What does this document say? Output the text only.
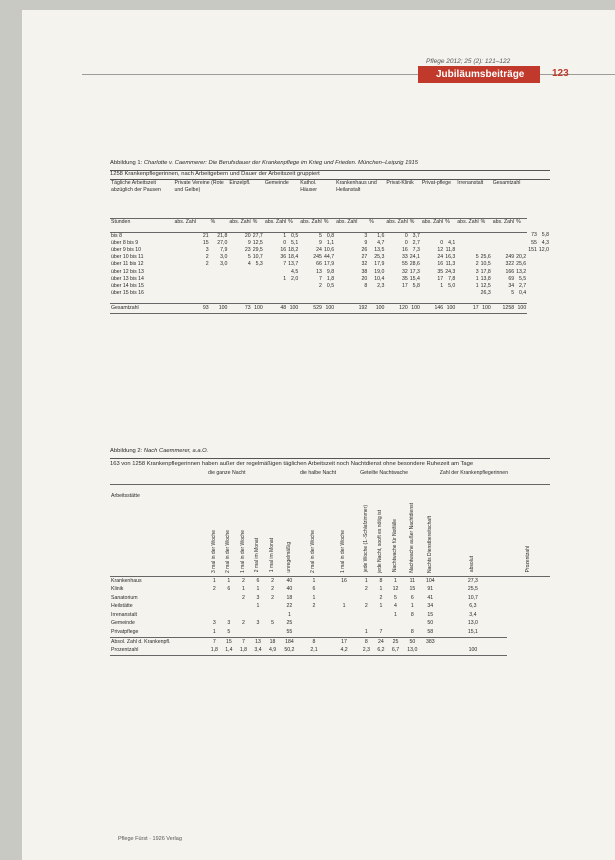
Pflege 2012; 25 (2): 121–122
Jubiläumsbeiträge	123
Abbildung 1: Charlotte v. Caemmerer: Die Berufsdauer der Krankenpflege im Krieg und Frieden. München–Leipzig 1915
1258 Krankenpflegerinnen, nach Arbeitgebern und Dauer der Arbeitszeit gruppiert
Tägliche Arbeitszeit abzüglich der Pausen	Private Vereine (Rote und Gelbe)		Einzelpfl.		Gemeinde		Kathol. Häuser		Krankenhaus und Heilanstalt		Privat-Klinik		Privat-pflege		Irrenanstalt		Gesamtzahl			
Stunden	abs. Zahl	%	abs. Zahl	%	abs. Zahl	%	abs. Zahl	%	abs. Zahl	%	abs. Zahl	%	abs. Zahl	%	abs. Zahl	%	abs. Zahl	%		
bis 8	21	21,8	20	27,7	1	0,5	5	0,8	3	1,6	0	3,7							73	5,8
über 8 bis 9	15	27,0	9	12,5	0	5,1	9	1,1	9	4,7	0	2,7	0	4,1					55	4,3
über 9 bis 10	3	7,9	23	29,5	16	18,2	24	10,6	26	13,5	16	7,3	12	11,8					151	12,0
über 10 bis 11	2	3,0	5	10,7	36	18,4	245	44,7	27	25,3	33	24,1	24	16,3	5	25,6	249	20,2		
über 11 bis 12	2	3,0	4	5,3	7	13,7	66	17,9	32	17,9	55	28,6	16	11,3	2	10,5	322	25,6		
über 12 bis 13						4,5	13	9,8	38	19,0	32	17,3	35	24,3	3	17,8	166	13,2		
über 13 bis 14					1	2,0	7	1,8	20	10,4	35	15,4	17	7,8	1	13,8	69	5,5		
über 14 bis 15							2	0,5	8	2,3	17	5,8	1	5,0	1	12,5	34	2,7		
über 15 bis 16																26,3	5	0,4		
Gesamtzahl	93	100	73	100	48	100	529	100	192	100	120	100	146	100	17	100	1258	100		
Abbildung 2: Nach Caemmerer, a.a.O.
163 von 1258 Krankenpflegerinnen haben außer der regelmäßigen täglichen Arbeitszeit noch Nachtdienst ohne besondere Ruhezeit am Tage
	die ganze Nacht						die halbe Nacht		Geteilte Nachtwache					Zahl der Krankenpflegerinnen	
Arbeitsstätte	3 mal in der Woche	2 mal in der Woche	1 mal in der Woche	2 mal im Monat	1 mal im Monat	unregelmäßig	2 mal in der Woche	1 mal in der Woche	jede Woche (1.-Schlafzimmer)	jede Nacht, sooft es nötig ist	Nachtwache für Notfälle	Nachtwache außer Nachtdienst	Nachts Dienstbereitschaft	absolut	Prozentzahl
Krankenhaus	1	1	2	6	2	40	1	16	1	8	1	11	104	27,3	
Klinik	2	6	1	1	2	40	6		2	1	12	15	91	25,5	
Sanatorium			2	3	2	18	1			2	5	6	41	10,7	
Heilstätte				1		22	2	1	2	1	4	1	34	6,3	
Irrenanstalt						1					1	8	15	3,4	
Gemeinde	3	3	2	3	5	25							50	13,0	
Privatpflege	1	5				55			1	7		8	58	15,1	
Absol. Zahl d. Krankenpfl.	7	15	7	13	18	184	8	17	8	24	25	50	383		
Prozentzahl	1,8	1,4	1,8	3,4	4,9	50,2	2,1	4,2	2,3	6,2	6,7	13,0		100	
Pflege Fürst · 1926 Verlag
